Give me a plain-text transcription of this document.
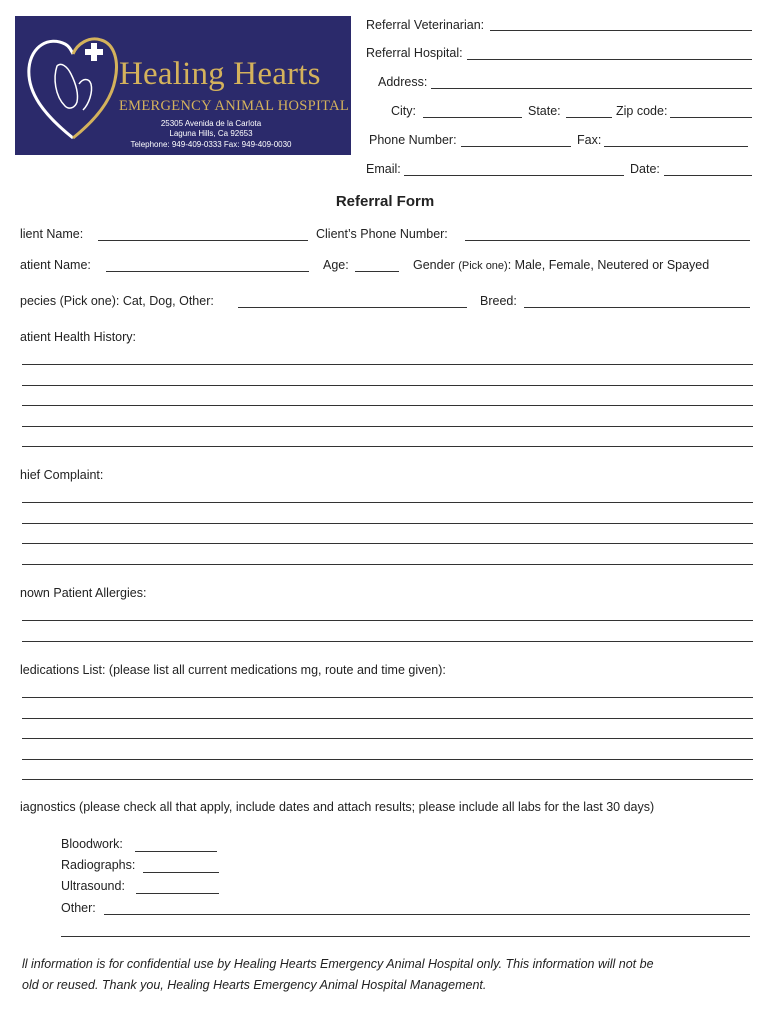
Healing Hearts
EMERGENCY ANIMAL HOSPITAL
25305 Avenida de la Carlota
Laguna Hills, Ca 92653
Telephone: 949-409-0333 Fax: 949-409-0030
Referral Veterinarian:
Referral Hospital:
Address:
City:	State:	Zip code:
Phone Number:	Fax:
Email:	Date:
Referral Form
lient Name:	Client’s Phone Number:
atient Name:	Age:	Gender (Pick one): Male, Female, Neutered or Spayed
pecies (Pick one): Cat, Dog, Other:	Breed:
atient Health History:
hief Complaint:
nown Patient Allergies:
ledications List: (please list all current medications mg, route and time given):
iagnostics (please check all that apply, include dates and attach results; please include all labs for the last 30 days)
Bloodwork:
Radiographs:
Ultrasound:
Other:
ll information is for confidential use by Healing Hearts Emergency Animal Hospital only. This information will not be
old or reused. Thank you, Healing Hearts Emergency Animal Hospital Management.
